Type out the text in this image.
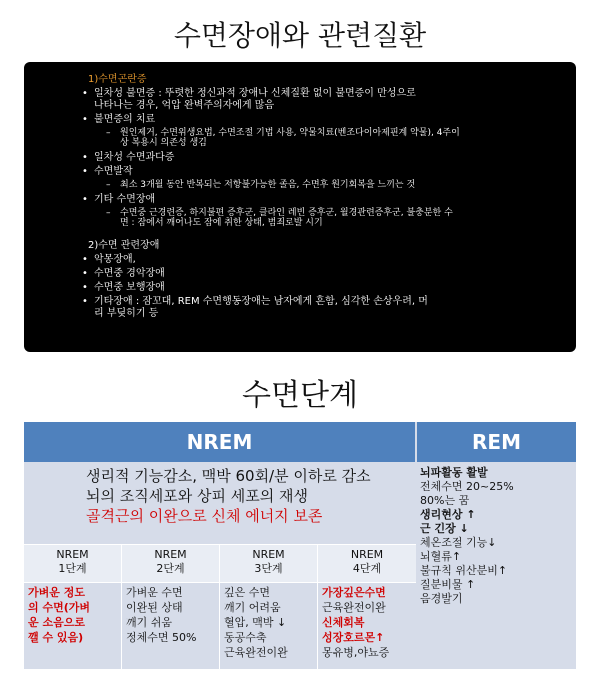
수면장애와 관련질환
1)수면곤란증
• 일차성 불면증 : 뚜렷한 정신과적 장애나 신체질환 없이 불면증이 만성으로
나타나는 경우, 억압 완벽주의자에게 많음
• 불면증의 치료
– 원인제거, 수면위생요법, 수면조절 기법 사용, 약물치료(벤조다이아제핀계 약물), 4주이
상 복용시 의존성 생김
• 일차성 수면과다증
• 수면발작
– 최소 3개월 동안 반복되는 저항불가능한 졸음, 수면후 원기회복을 느끼는 것
• 기타 수면장애
– 수면중 근경련증, 하지불편 증후군, 클라인 레빈 증후군, 월경관련증후군, 불충분한 수
면 : 잠에서 깨어나도 잠에 취한 상태, 범죄로발 시기
2)수면 관련장애
• 악몽장애,
• 수면중 경악장애
• 수면중 보행장애
• 기타장애 : 잠꼬대, REM 수면행동장애는 남자에게 흔함, 심각한 손상우려, 머
리 부딪히기 등
수면단계
NREM	REM
생리적 기능감소, 맥박 60회/분 이하로 감소
뇌의 조직세포와 상피 세포의 재생
골격근의 이완으로 신체 에너지 보존
NREM
1단계
NREM
2단계
NREM
3단계
NREM
4단계
가벼운 정도
의 수면(가벼
운 소음으로
깰 수 있음)
가벼운 수면
이완된 상태
깨기 쉬움
정체수면 50%
깊은 수면
깨기 어려움
혈압, 맥박 ↓
동공수축
근육완전이완
가장깊은수면
근육완전이완
신체회복
성장호르몬↑
몽유병,야뇨증
뇌파활동 활발
전체수면 20~25%
80%는 꿈
생리현상 ↑
근 긴장 ↓
체온조절 기능↓
뇌혈류↑
불규칙 위산분비↑
질분비물 ↑
음경발기
